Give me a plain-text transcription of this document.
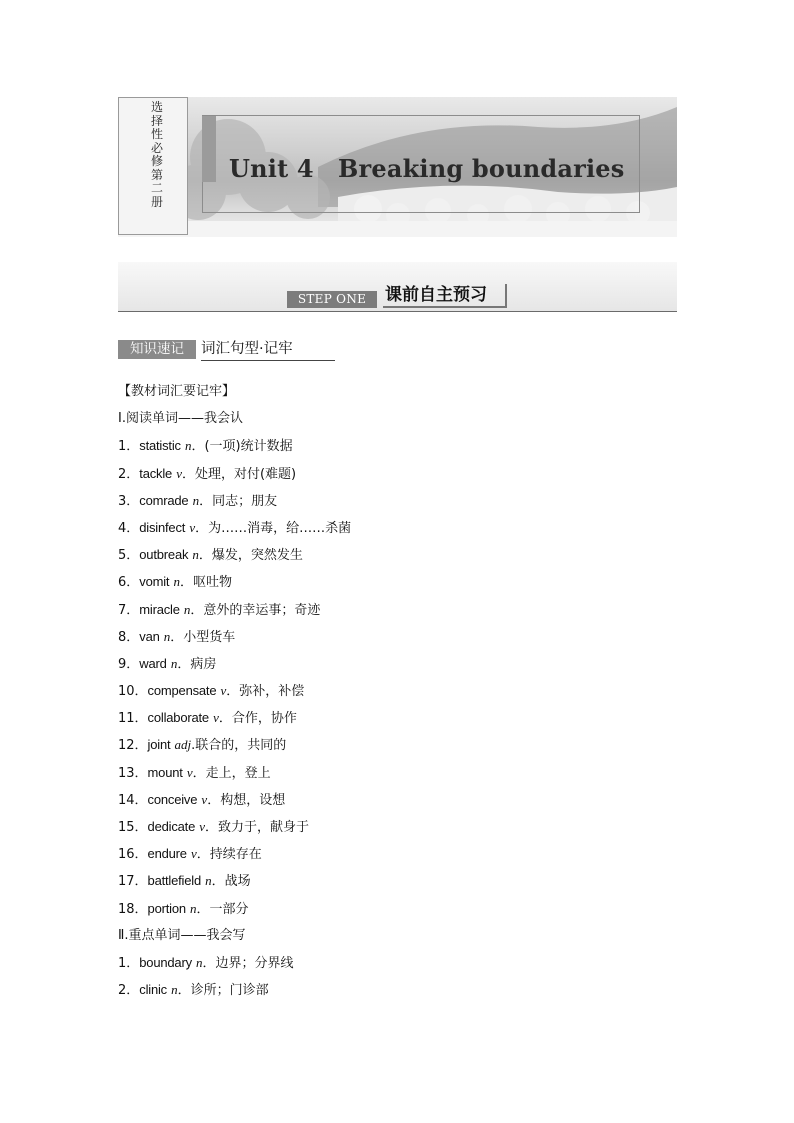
选择性必修第二册
Unit 4 Breaking boundaries
STEP ONE	课前自主预习
知识速记	词汇句型·记牢
【教材词汇要记牢】
Ⅰ.阅读单词——我会认
1．statistic n．(一项)统计数据
2．tackle v．处理，对付(难题)
3．comrade n．同志；朋友
4．disinfect v．为……消毒，给……杀菌
5．outbreak n．爆发，突然发生
6．vomit n．呕吐物
7．miracle n．意外的幸运事；奇迹
8．van n．小型货车
9．ward n．病房
10．compensate v．弥补，补偿
11．collaborate v．合作，协作
12．joint adj.联合的，共同的
13．mount v．走上，登上
14．conceive v．构想，设想
15．dedicate v．致力于，献身于
16．endure v．持续存在
17．battlefield n．战场
18．portion n．一部分
Ⅱ.重点单词——我会写
1．boundary n．边界；分界线
2．clinic n．诊所；门诊部
